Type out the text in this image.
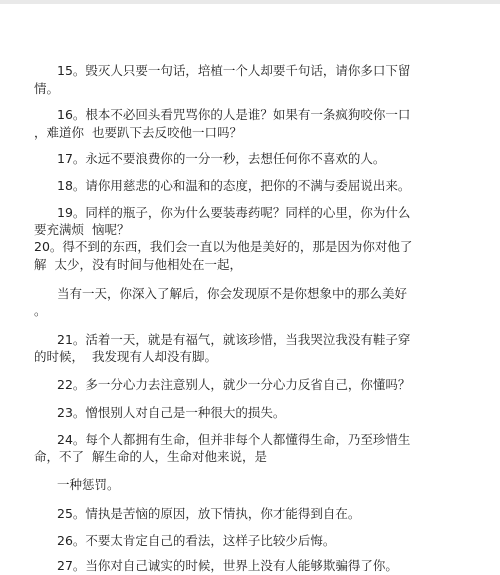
15。毁灭人只要一句话，培植一个人却要千句话，请你多口下留
情。
16。根本不必回头看咒骂你的人是谁？如果有一条疯狗咬你一口
，难道你  也要趴下去反咬他一口吗？
17。永远不要浪费你的一分一秒，去想任何你不喜欢的人。
18。请你用慈悲的心和温和的态度，把你的不满与委屈说出来。
19。同样的瓶子，你为什么要装毒药呢？同样的心里，你为什么
要充满烦  恼呢？
20。得不到的东西，我们会一直以为他是美好的，那是因为你对他了
解  太少，没有时间与他相处在一起，
当有一天，你深入了解后，你会发现原不是你想象中的那么美好
。
21。活着一天，就是有福气，就该珍惜，当我哭泣我没有鞋子穿
的时候，  我发现有人却没有脚。
22。多一分心力去注意别人，就少一分心力反省自己，你懂吗？
23。憎恨别人对自己是一种很大的损失。
24。每个人都拥有生命，但并非每个人都懂得生命，乃至珍惜生
命，不了  解生命的人，生命对他来说，是
一种惩罚。
25。情执是苦恼的原因，放下情执，你才能得到自在。
26。不要太肯定自己的看法，这样子比较少后悔。
27。当你对自己诚实的时候，世界上没有人能够欺骗得了你。
